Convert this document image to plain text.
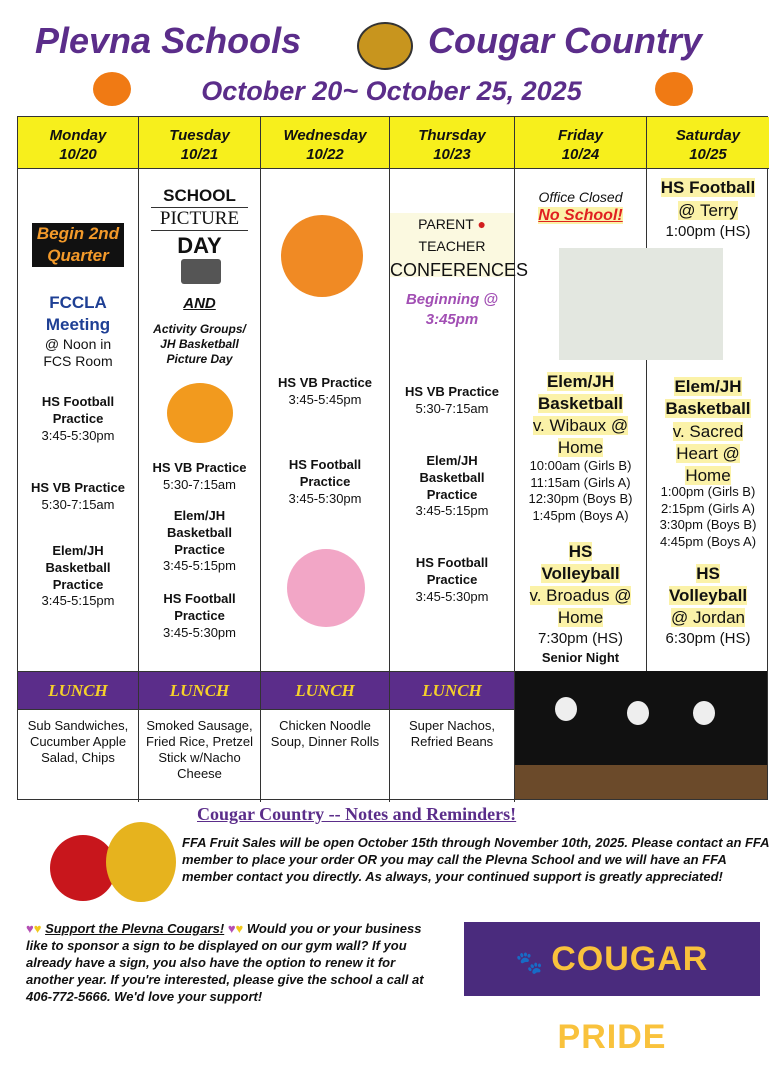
Plevna Schools	Cougar Country
October 20~ October 25, 2025
Monday
10/20
Begin 2nd Quarter
FCCLA Meeting
@ Noon in FCS Room
HS Football Practice
3:45-5:30pm
HS VB Practice
5:30-7:15am
Elem/JH Basketball Practice
3:45-5:15pm
Tuesday
10/21
SCHOOL
PICTURE
DAY
AND
Activity Groups/ JH Basketball Picture Day
HS VB Practice
5:30-7:15am
Elem/JH Basketball Practice
3:45-5:15pm
HS Football Practice
3:45-5:30pm
Wednesday
10/22
HS VB Practice
3:45-5:45pm
HS Football Practice
3:45-5:30pm
Thursday
10/23
PARENT ● TEACHER
CONFERENCES
Beginning @ 3:45pm
HS VB Practice
5:30-7:15am
Elem/JH Basketball Practice
3:45-5:15pm
HS Football Practice
3:45-5:30pm
Friday
10/24
Office Closed
No School!
Elem/JH Basketball
v. Wibaux @ Home
10:00am (Girls B)
11:15am (Girls A)
12:30pm (Boys B)
1:45pm (Boys A)
HS Volleyball
v. Broadus @ Home
7:30pm (HS)
Senior Night
Saturday
10/25
HS Football
@ Terry
1:00pm (HS)
Elem/JH Basketball
v. Sacred Heart @ Home
1:00pm (Girls B)
2:15pm (Girls A)
3:30pm (Boys B)
4:45pm (Boys A)
HS Volleyball
@ Jordan
6:30pm (HS)
LUNCH
Sub Sandwiches, Cucumber Apple Salad, Chips
LUNCH
Smoked Sausage, Fried Rice, Pretzel Stick w/Nacho Cheese
LUNCH
Chicken Noodle Soup, Dinner Rolls
LUNCH
Super Nachos, Refried Beans
Cougar Country -- Notes and Reminders!
FFA Fruit Sales will be open October 15th through November 10th, 2025. Please contact an FFA member to place your order OR you may call the Plevna School and we will have an FFA member contact you directly. As always, your continued support is greatly appreciated!
♥♥ Support the Plevna Cougars! ♥♥ Would you or your business like to sponsor a sign to be displayed on our gym wall? If you already have a sign, you also have the option to renew it for another year. If you're interested, please give the school a call at 406-772-5666. We'd love your support!
🐾 COUGAR PRIDE
